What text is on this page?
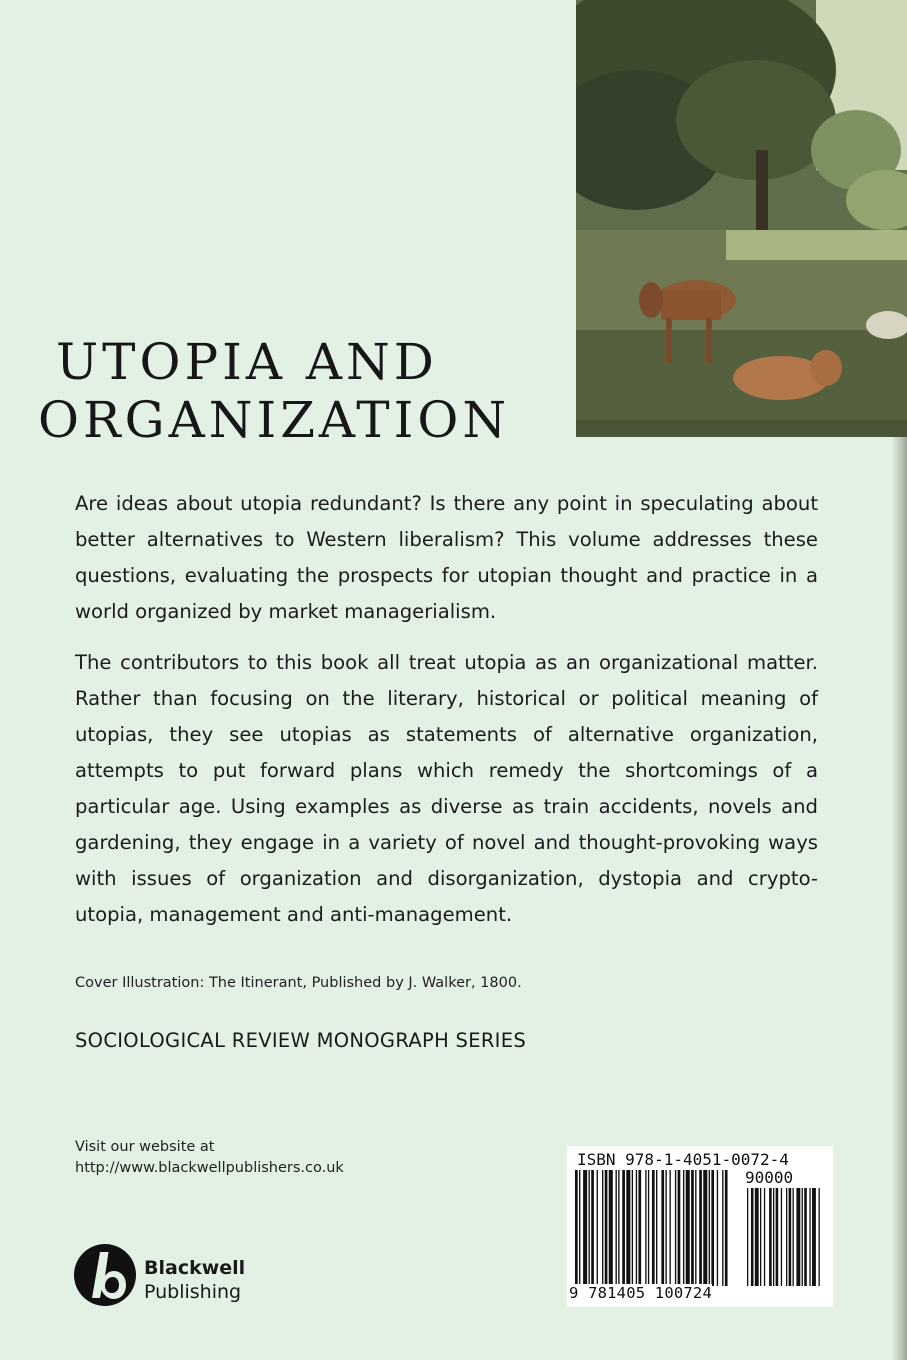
UTOPIA AND
ORGANIZATION

Are ideas about utopia redundant? Is there any point in speculating about better alternatives to Western liberalism? This volume addresses these questions, evaluating the prospects for utopian thought and practice in a world organized by market managerialism.

The contributors to this book all treat utopia as an organizational matter. Rather than focusing on the literary, historical or political meaning of utopias, they see utopias as statements of alternative organization, attempts to put forward plans which remedy the shortcomings of a particular age. Using examples as diverse as train accidents, novels and gardening, they engage in a variety of novel and thought-provoking ways with issues of organization and disorganization, dystopia and crypto-utopia, management and anti-management.

Cover Illustration: The Itinerant, Published by J. Walker, 1800.
SOCIOLOGICAL REVIEW MONOGRAPH SERIES
Visit our website at
http://www.blackwellpublishers.co.uk
Blackwell
Publishing
ISBN 978-1-4051-0072-4
90000
9 781405 100724
